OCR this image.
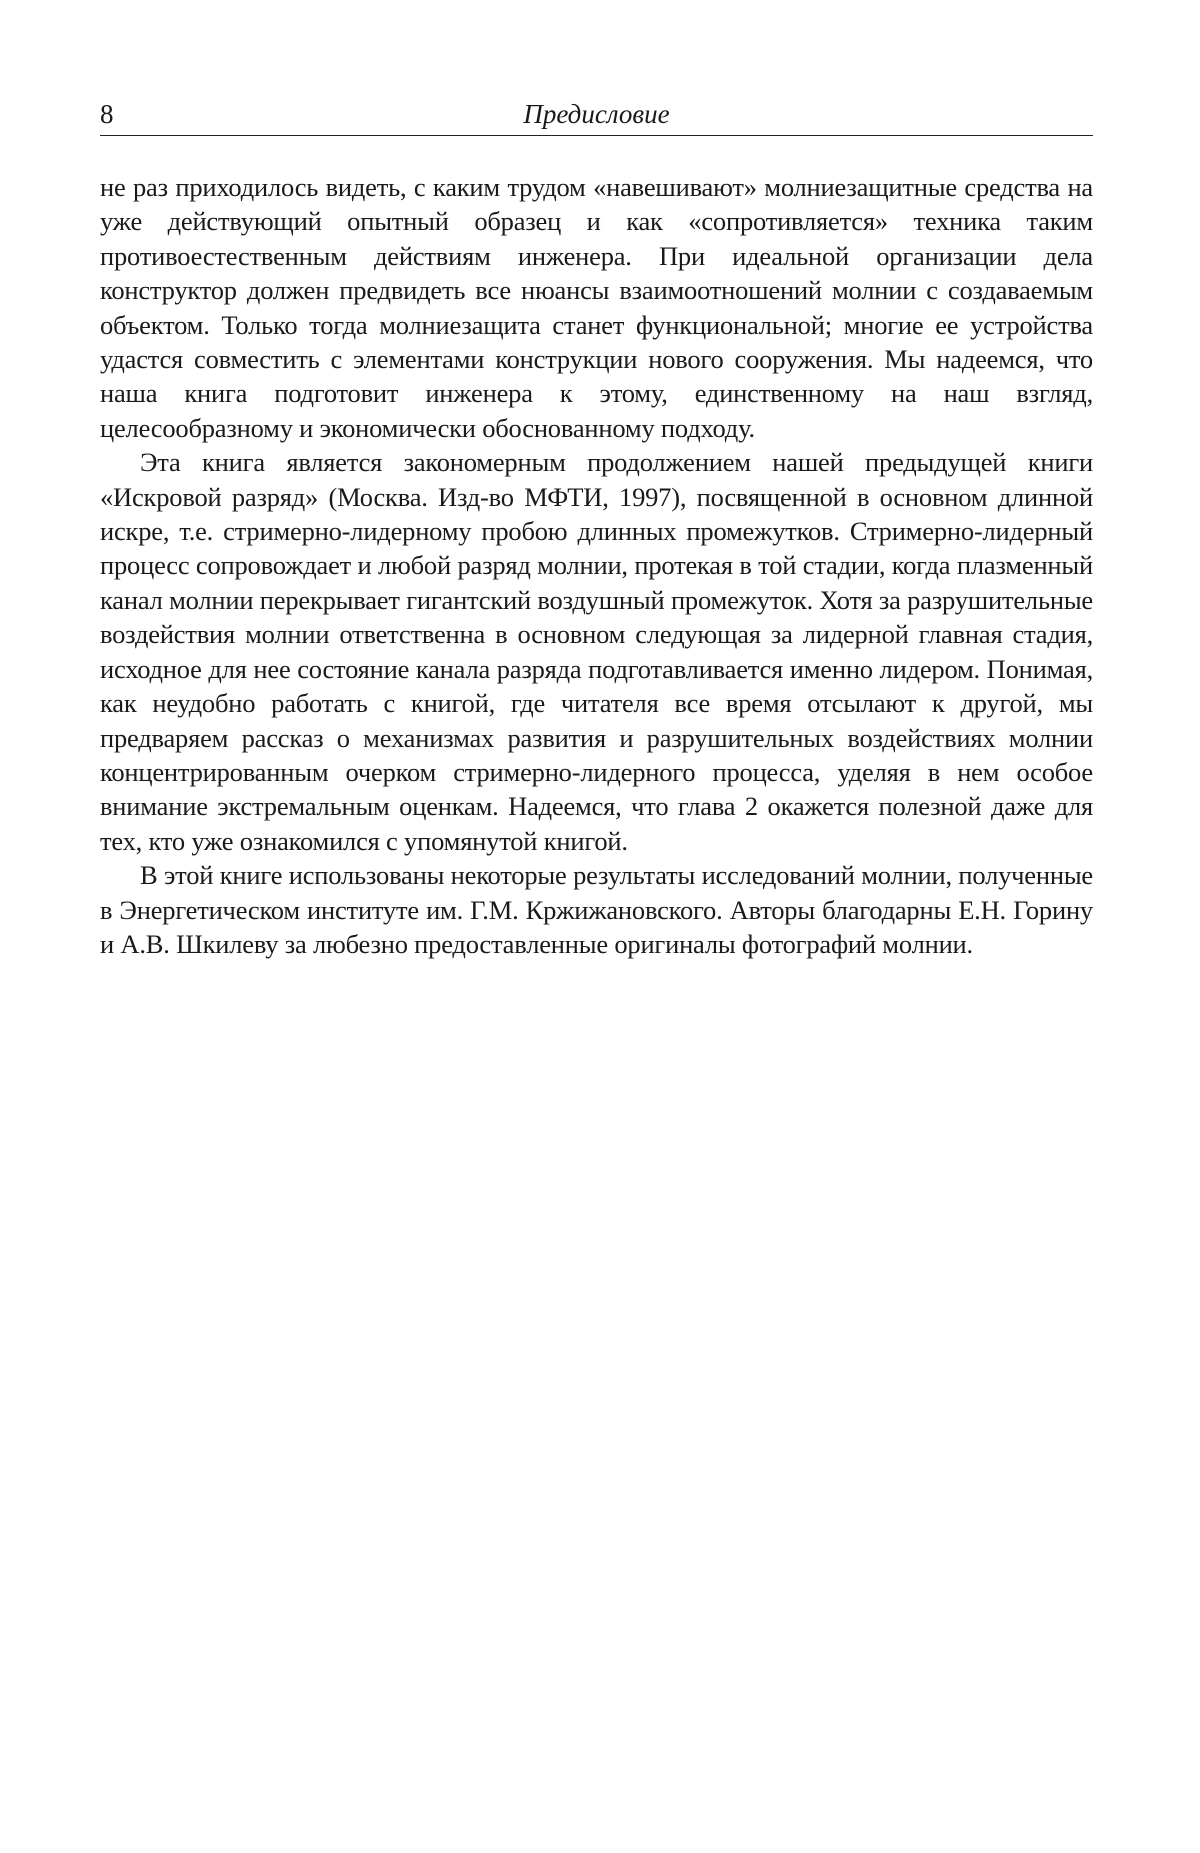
8	Предисловие

не раз приходилось видеть, с каким трудом «навешивают» молниезащитные средства на уже действующий опытный образец и как «сопротивляется» техника таким противоестественным действиям инженера. При идеальной организации дела конструктор должен предвидеть все нюансы взаимоотношений молнии с создаваемым объектом. Только тогда молниезащита станет функциональной; многие ее устройства удастся совместить с элементами конструкции нового сооружения. Мы надеемся, что наша книга подготовит инженера к этому, единственному на наш взгляд, целесообразному и экономически обоснованному подходу.

Эта книга является закономерным продолжением нашей предыдущей книги «Искровой разряд» (Москва. Изд-во МФТИ, 1997), посвященной в основном длинной искре, т.е. стримерно-лидерному пробою длинных промежутков. Стримерно-лидерный процесс сопровождает и любой разряд молнии, протекая в той стадии, когда плазменный канал молнии перекрывает гигантский воздушный промежуток. Хотя за разрушительные воздействия молнии ответственна в основном следующая за лидерной главная стадия, исходное для нее состояние канала разряда подготавливается именно лидером. Понимая, как неудобно работать с книгой, где читателя все время отсылают к другой, мы предваряем рассказ о механизмах развития и разрушительных воздействиях молнии концентрированным очерком стримерно-лидерного процесса, уделяя в нем особое внимание экстремальным оценкам. Надеемся, что глава 2 окажется полезной даже для тех, кто уже ознакомился с упомянутой книгой.

В этой книге использованы некоторые результаты исследований молнии, полученные в Энергетическом институте им. Г.М. Кржижановского. Авторы благодарны Е.Н. Горину и А.В. Шкилеву за любезно предоставленные оригиналы фотографий молнии.
